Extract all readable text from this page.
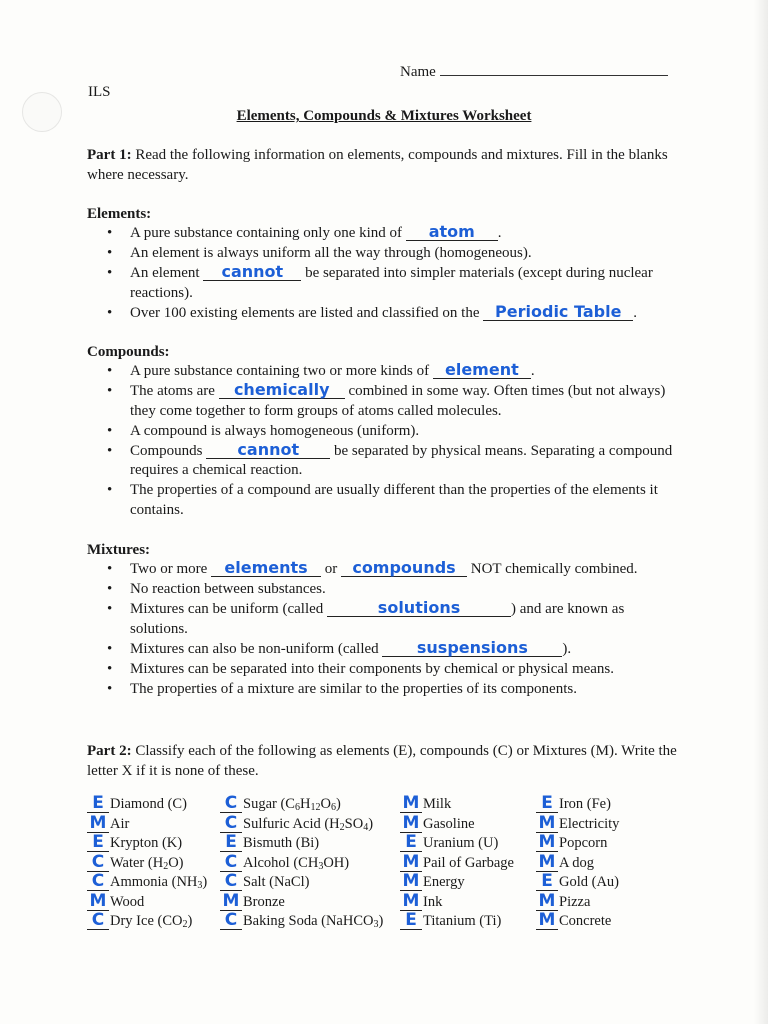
Name
ILS
Elements, Compounds & Mixtures Worksheet
Part 1: Read the following information on elements, compounds and mixtures. Fill in the blanks where necessary.
Elements:
• A pure substance containing only one kind of atom .
• An element is always uniform all the way through (homogeneous).
• An element cannot be separated into simpler materials (except during nuclear reactions).
• Over 100 existing elements are listed and classified on the Periodic Table .
Compounds:
• A pure substance containing two or more kinds of element .
• The atoms are chemically combined in some way. Often times (but not always) they come together to form groups of atoms called molecules.
• A compound is always homogeneous (uniform).
• Compounds cannot be separated by physical means. Separating a compound requires a chemical reaction.
• The properties of a compound are usually different than the properties of the elements it contains.
Mixtures:
• Two or more elements or compounds NOT chemically combined.
• No reaction between substances.
• Mixtures can be uniform (called	solutions	) and are known as solutions.
• Mixtures can also be non-uniform (called suspensions ).
• Mixtures can be separated into their components by chemical or physical means.
• The properties of a mixture are similar to the properties of its components.
Part 2: Classify each of the following as elements (E), compounds (C) or Mixtures (M). Write the letter X if it is none of these.
E Diamond (C)
M Air
E Krypton (K)
C Water $(H_2O)$
C Ammonia $(NH_3)$
M Wood
C Dry Ice $(CO_2)$
C Sugar $(C_6H_{12}O_6)$
C Sulfuric Acid $(H_2SO_4)$
E Bismuth (Bi)
C Alcohol $(CH_3OH)$
C Salt (NaCl)
M Bronze
C Baking Soda (NaHCO$_3$)
M Milk
M Gasoline
E Uranium (U)
M Pail of Garbage
M Energy
M Ink
E Titanium (Ti)
E Iron (Fe)
M Electricity
M Popcorn
M A dog
E Gold (Au)
M Pizza
M Concrete
